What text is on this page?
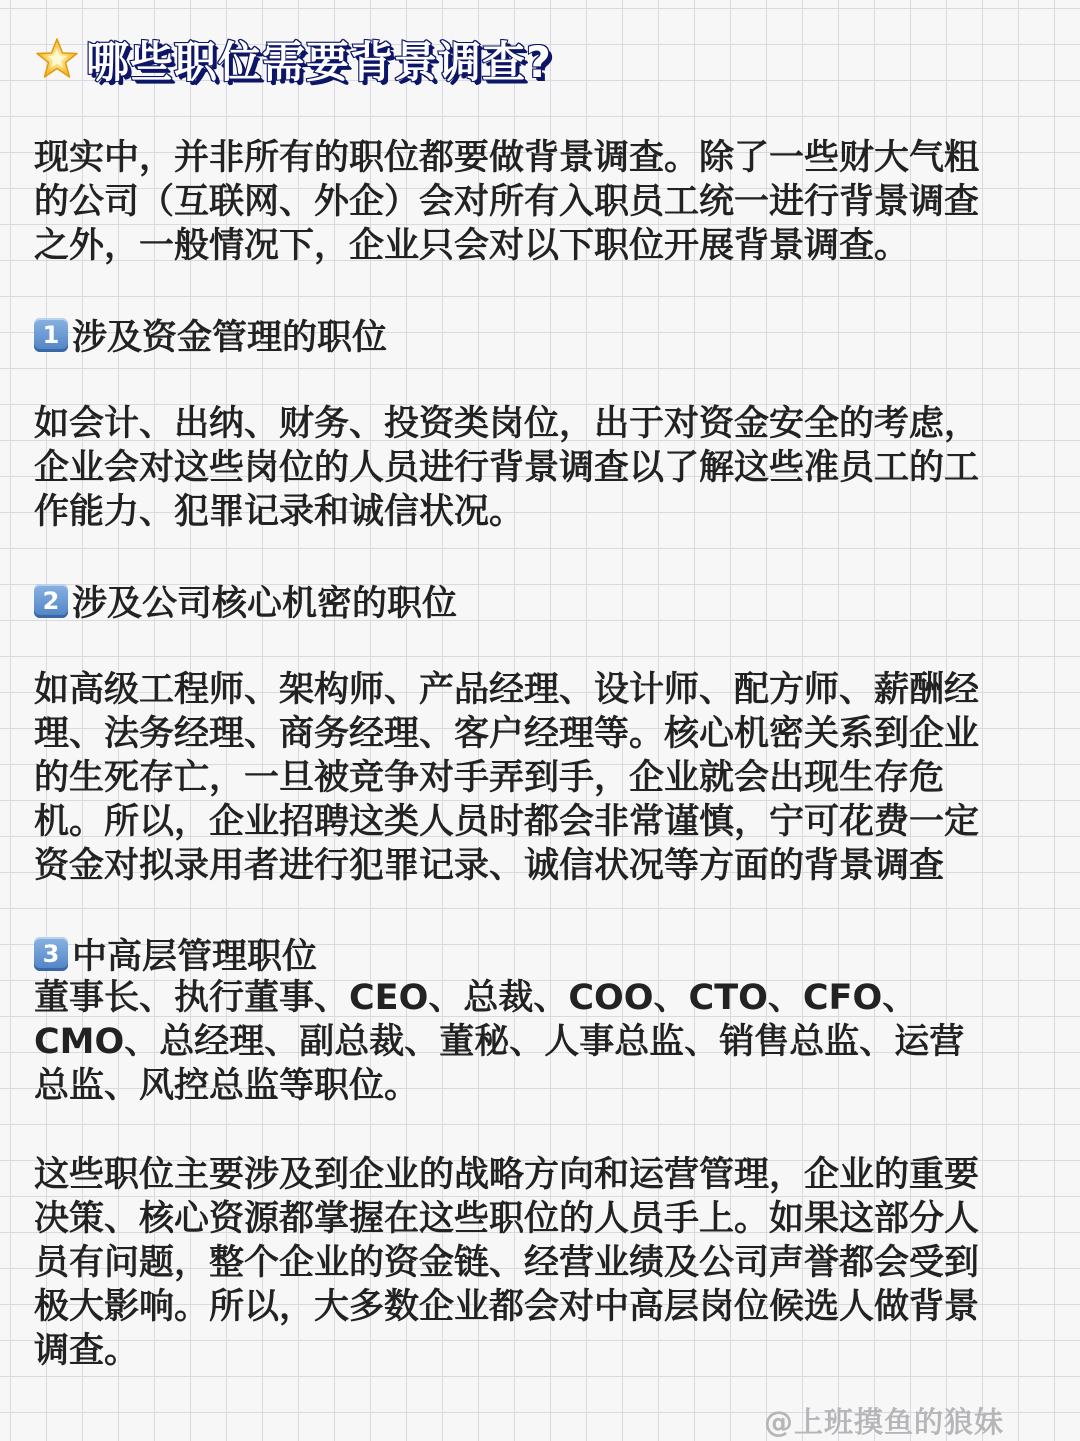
哪些职位需要背景调查?

现实中，并非所有的职位都要做背景调查。除了一些财大气粗
的公司（互联网、外企）会对所有入职员工统一进行背景调查
之外，一般情况下，企业只会对以下职位开展背景调查。

1 涉及资金管理的职位

如会计、出纳、财务、投资类岗位，出于对资金安全的考虑，
企业会对这些岗位的人员进行背景调查以了解这些准员工的工
作能力、犯罪记录和诚信状况。

2 涉及公司核心机密的职位

如高级工程师、架构师、产品经理、设计师、配方师、薪酬经
理、法务经理、商务经理、客户经理等。核心机密关系到企业
的生死存亡，一旦被竞争对手弄到手，企业就会出现生存危
机。所以，企业招聘这类人员时都会非常谨慎，宁可花费一定
资金对拟录用者进行犯罪记录、诚信状况等方面的背景调查

3 中高层管理职位

董事长、执行董事、CEO、总裁、COO、CTO、CFO、
CMO、总经理、副总裁、董秘、人事总监、销售总监、运营
总监、风控总监等职位。

这些职位主要涉及到企业的战略方向和运营管理，企业的重要
决策、核心资源都掌握在这些职位的人员手上。如果这部分人
员有问题，整个企业的资金链、经营业绩及公司声誉都会受到
极大影响。所以，大多数企业都会对中高层岗位候选人做背景
调查。

@上班摸鱼的狼妹
